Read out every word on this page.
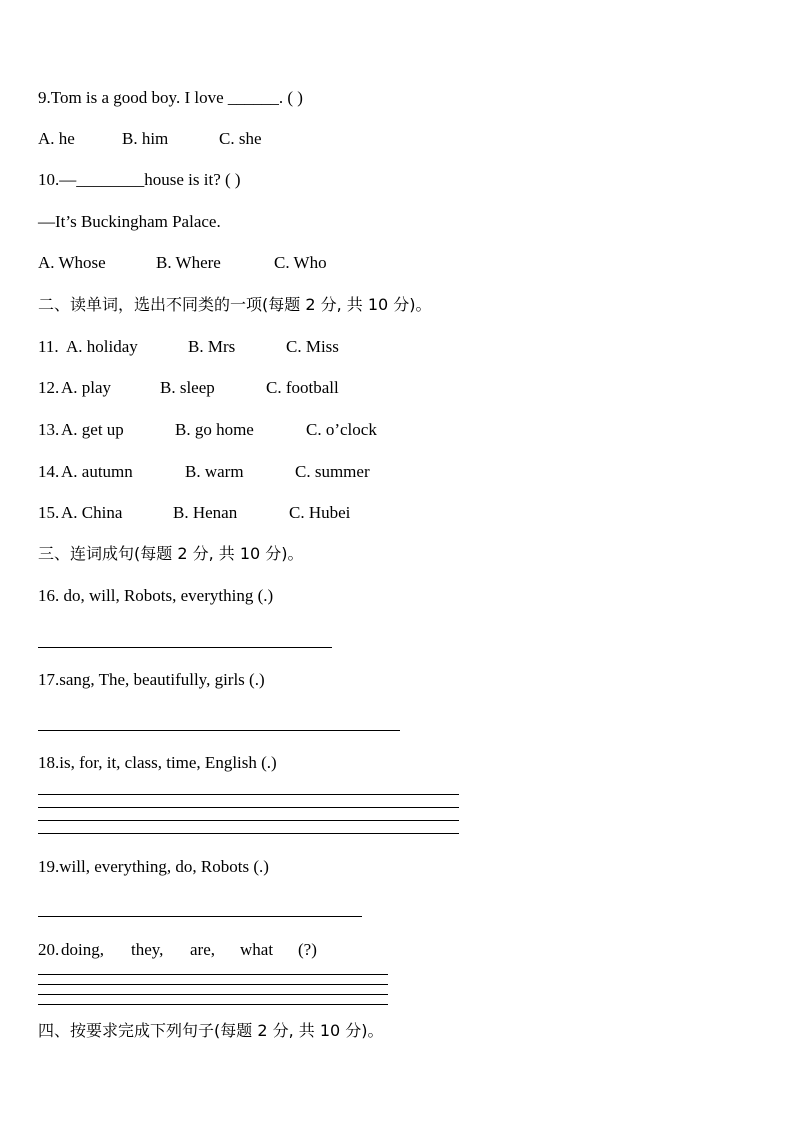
9.Tom is a good boy. I love ______. ( )
A. he	B. him	C. she
10.—________house is it? ( )
—It’s Buckingham Palace.
A. Whose	B. Where	C. Who
二、读单词，选出不同类的一项(每题 2 分, 共 10 分)。
11. A. holiday	B. Mrs	C. Miss
12. A. play	B. sleep	C. football
13. A. get up	B. go home	C. o’clock
14. A. autumn	B. warm	C. summer
15. A. China	B. Henan	C. Hubei
三、连词成句(每题 2 分, 共 10 分)。
16. do, will, Robots, everything (.)
17.sang, The, beautifully, girls (.)
18.is, for, it, class, time, English (.)
19.will, everything, do, Robots (.)
20. doing, they, are, what (?)
四、按要求完成下列句子(每题 2 分, 共 10 分)。
